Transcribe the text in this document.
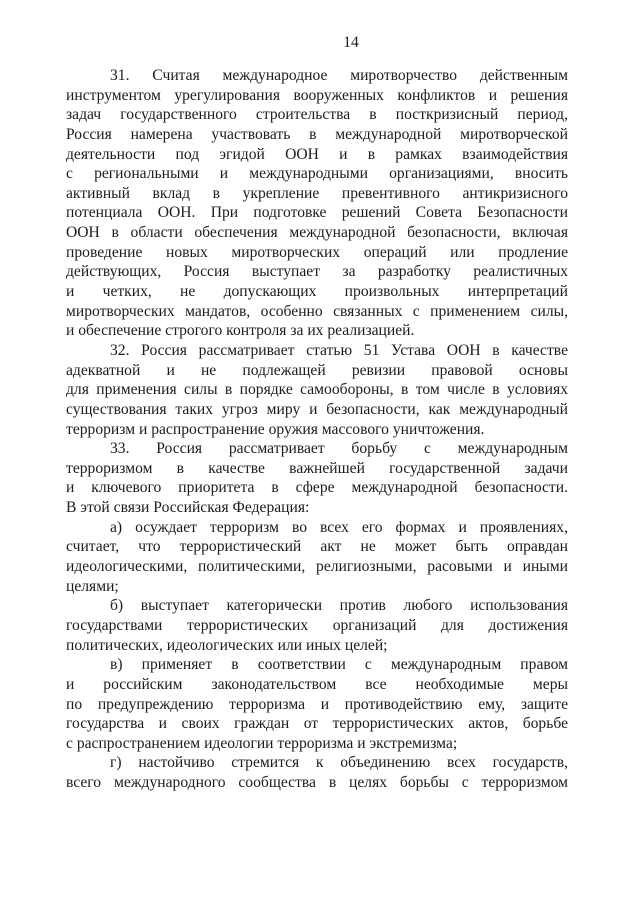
14
31. Считая международное миротворчество действенным
инструментом урегулирования вооруженных конфликтов и решения
задач государственного строительства в посткризисный период,
Россия намерена участвовать в международной миротворческой
деятельности под эгидой ООН и в рамках взаимодействия
с региональными и международными организациями, вносить
активный вклад в укрепление превентивного антикризисного
потенциала ООН. При подготовке решений Совета Безопасности
ООН в области обеспечения международной безопасности, включая
проведение новых миротворческих операций или продление
действующих, Россия выступает за разработку реалистичных
и четких, не допускающих произвольных интерпретаций
миротворческих мандатов, особенно связанных с применением силы,
и обеспечение строгого контроля за их реализацией.
32. Россия рассматривает статью 51 Устава ООН в качестве
адекватной и не подлежащей ревизии правовой основы
для применения силы в порядке самообороны, в том числе в условиях
существования таких угроз миру и безопасности, как международный
терроризм и распространение оружия массового уничтожения.
33. Россия рассматривает борьбу с международным
терроризмом в качестве важнейшей государственной задачи
и ключевого приоритета в сфере международной безопасности.
В этой связи Российская Федерация:
а) осуждает терроризм во всех его формах и проявлениях,
считает, что террористический акт не может быть оправдан
идеологическими, политическими, религиозными, расовыми и иными
целями;
б) выступает категорически против любого использования
государствами террористических организаций для достижения
политических, идеологических или иных целей;
в) применяет в соответствии с международным правом
и российским законодательством все необходимые меры
по предупреждению терроризма и противодействию ему, защите
государства и своих граждан от террористических актов, борьбе
с распространением идеологии терроризма и экстремизма;
г) настойчиво стремится к объединению всех государств,
всего международного сообщества в целях борьбы с терроризмом
